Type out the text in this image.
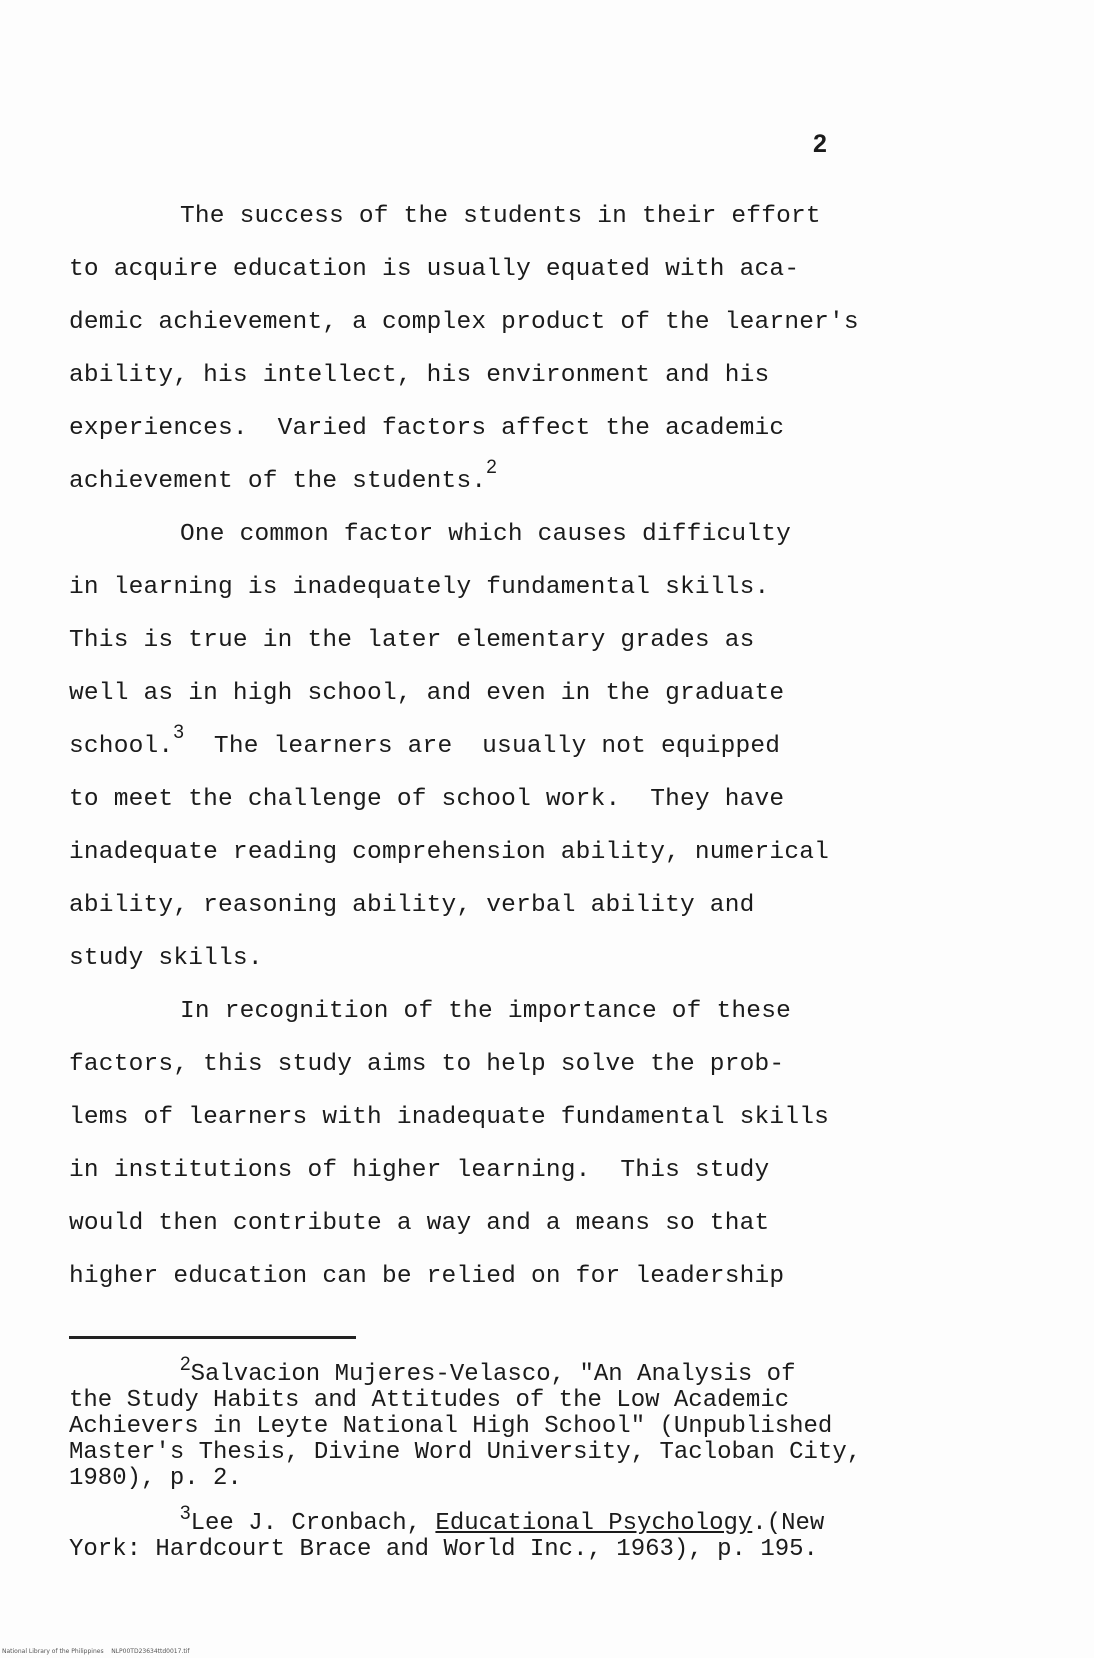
2
The success of the students in their effort
to acquire education is usually equated with aca-
demic achievement, a complex product of the learner's
ability, his intellect, his environment and his
experiences.  Varied factors affect the academic
achievement of the students.$^2$
One common factor which causes difficulty
in learning is inadequately fundamental skills.
This is true in the later elementary grades as
well as in high school, and even in the graduate
school.$^3$  The learners are  usually not equipped
to meet the challenge of school work.  They have
inadequate reading comprehension ability, numerical
ability, reasoning ability, verbal ability and
study skills.
In recognition of the importance of these
factors, this study aims to help solve the prob-
lems of learners with inadequate fundamental skills
in institutions of higher learning.  This study
would then contribute a way and a means so that
higher education can be relied on for leadership
$^2$Salvacion Mujeres-Velasco, "An Analysis of
the Study Habits and Attitudes of the Low Academic
Achievers in Leyte National High School" (Unpublished
Master's Thesis, Divine Word University, Tacloban City,
1980), p. 2.
$^3$Lee J. Cronbach, Educational Psychology.(New
York: Hardcourt Brace and World Inc., 1963), p. 195.
National Library of the Philippines    NLP00TD23634ttd0017.tif
